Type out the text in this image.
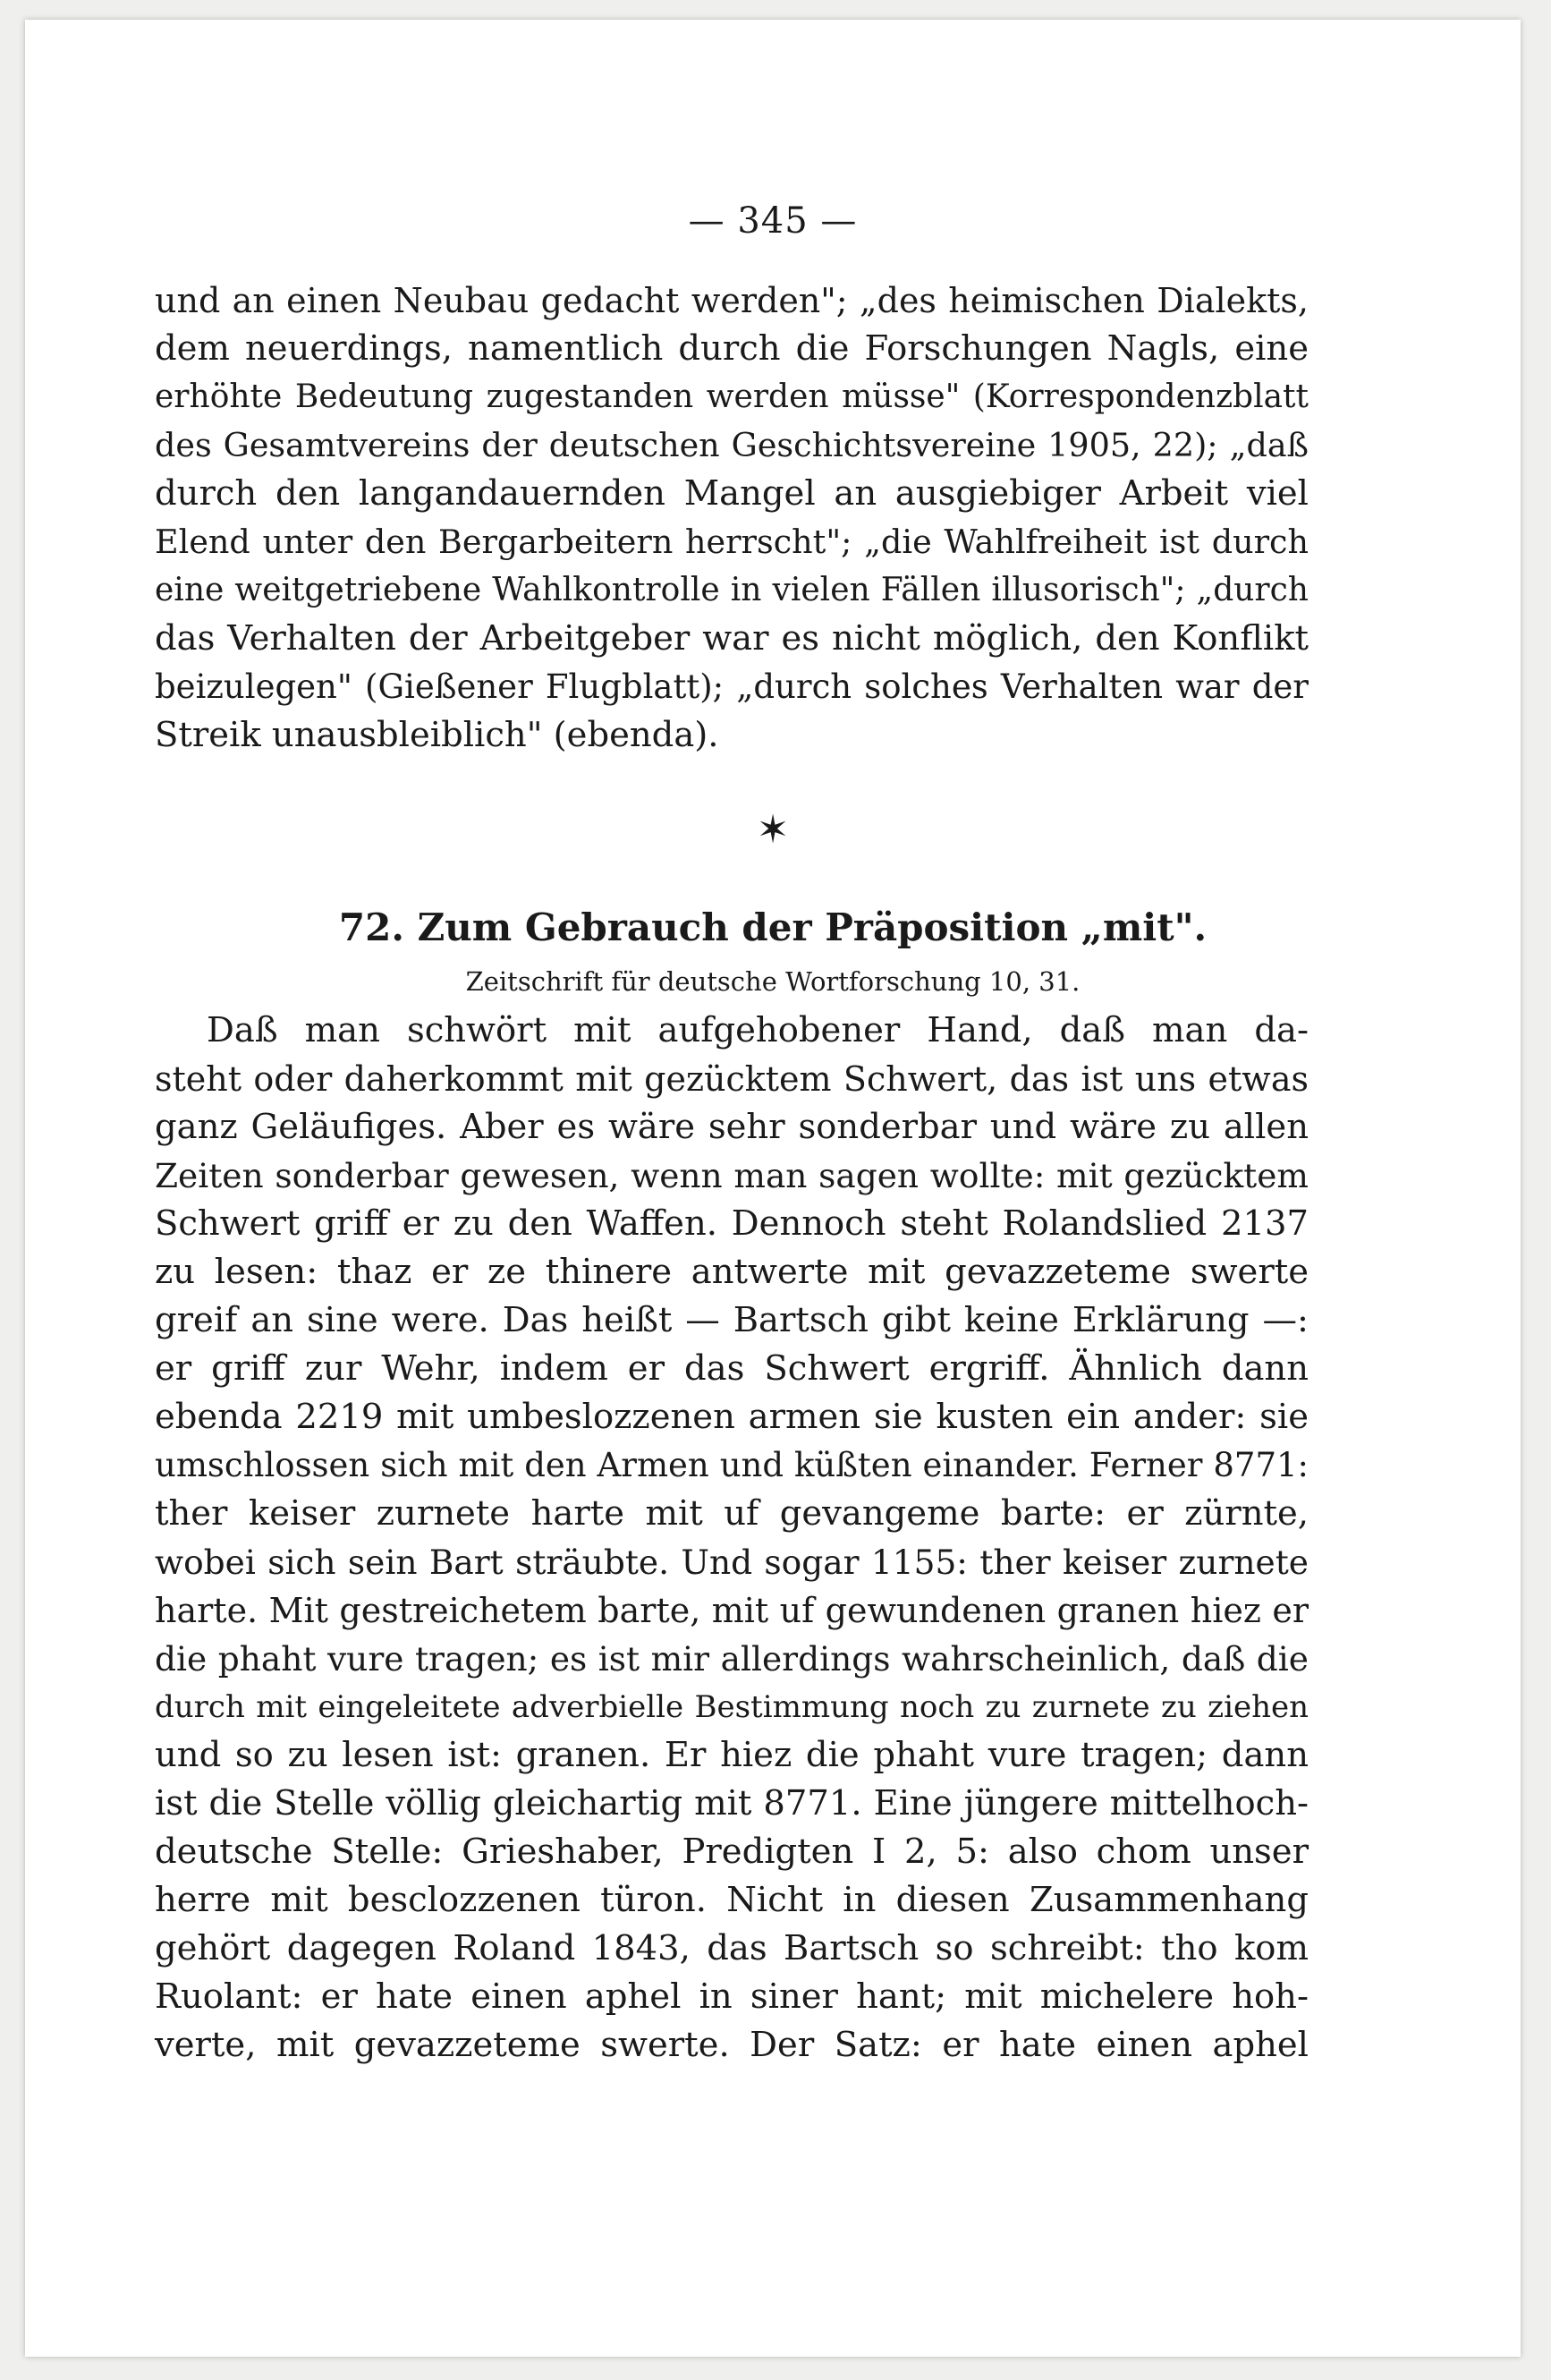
— 345 —
und an einen Neubau gedacht werden"; „des heimischen Dialekts,
dem neuerdings, namentlich durch die Forschungen Nagls, eine
erhöhte Bedeutung zugestanden werden müsse" (Korrespondenzblatt
des Gesamtvereins der deutschen Geschichtsvereine 1905, 22); „daß
durch den langandauernden Mangel an ausgiebiger Arbeit viel
Elend unter den Bergarbeitern herrscht"; „die Wahlfreiheit ist durch
eine weitgetriebene Wahlkontrolle in vielen Fällen illusorisch"; „durch
das Verhalten der Arbeitgeber war es nicht möglich, den Konflikt
beizulegen" (Gießener Flugblatt); „durch solches Verhalten war der
Streik unausbleiblich" (ebenda).
✶
72. Zum Gebrauch der Präposition „mit".
Zeitschrift für deutsche Wortforschung 10, 31.
Daß man schwört mit aufgehobener Hand, daß man da-
steht oder daherkommt mit gezücktem Schwert, das ist uns etwas
ganz Geläufiges. Aber es wäre sehr sonderbar und wäre zu allen
Zeiten sonderbar gewesen, wenn man sagen wollte: mit gezücktem
Schwert griff er zu den Waffen. Dennoch steht Rolandslied 2137
zu lesen: thaz er ze thinere antwerte mit gevazzeteme swerte
greif an sine were. Das heißt — Bartsch gibt keine Erklärung —:
er griff zur Wehr, indem er das Schwert ergriff. Ähnlich dann
ebenda 2219 mit umbeslozzenen armen sie kusten ein ander: sie
umschlossen sich mit den Armen und küßten einander. Ferner 8771:
ther keiser zurnete harte mit uf gevangeme barte: er zürnte,
wobei sich sein Bart sträubte. Und sogar 1155: ther keiser zurnete
harte. Mit gestreichetem barte, mit uf gewundenen granen hiez er
die phaht vure tragen; es ist mir allerdings wahrscheinlich, daß die
durch mit eingeleitete adverbielle Bestimmung noch zu zurnete zu ziehen
und so zu lesen ist: granen. Er hiez die phaht vure tragen; dann
ist die Stelle völlig gleichartig mit 8771. Eine jüngere mittelhoch-
deutsche Stelle: Grieshaber, Predigten I 2, 5: also chom unser
herre mit besclozzenen türon. Nicht in diesen Zusammenhang
gehört dagegen Roland 1843, das Bartsch so schreibt: tho kom
Ruolant: er hate einen aphel in siner hant; mit michelere hoh-
verte, mit gevazzeteme swerte. Der Satz: er hate einen aphel
